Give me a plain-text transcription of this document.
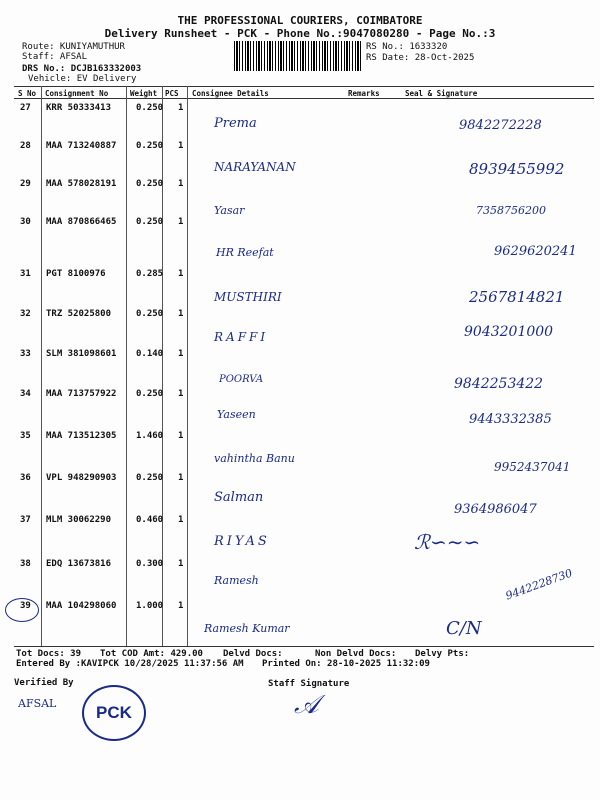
THE PROFESSIONAL COURIERS, COIMBATORE
Delivery Runsheet - PCK - Phone No.:9047080280 - Page No.:3
Route: KUNIYAMUTHUR
Staff: AFSAL
DRS No.: DCJB163332003
Vehicle: EV Delivery
RS No.: 1633320
RS Date: 28-Oct-2025
S No Consignment No	Weight PCS Consignee Details	Remarks	Seal & Signature
27 KRR 50333413	0.250 1
Prema	9842272228
28 MAA 713240887 0.250 1
NARAYANAN	8939455992
29 MAA 578028191 0.250 1
Yasar	7358756200
30 MAA 870866465 0.250 1
HR Reefat	9629620241
31 PGT 8100976	0.285 1
MUSTHIRI	2567814821
32 TRZ 52025800	0.250 1
RAFFI	9043201000
33 SLM 381098601 0.140 1
POORVA	9842253422
34 MAA 713757922 0.250 1
Yaseen	9443332385
35 MAA 713512305 1.460 1
vahintha Banu
9952437041
36 VPL 948290903 0.250 1
Salman
9364986047
37 MLM 30062290	0.460 1
RIYAS	ℛ∽∼∽
38 EDQ 13673816	0.300 1
Ramesh	9442228730
39 MAA 104298060 1.000 1
Ramesh Kumar	C/N
Tot Docs: 39 Tot COD Amt: 429.00 Delvd Docs:	Non Delvd Docs: Delvy Pts:
Entered By :KAVIPCK 10/28/2025 11:37:56 AM Printed On: 28-10-2025 11:32:09
Verified By	Staff Signature
AFSAL	PCK	𝒜
